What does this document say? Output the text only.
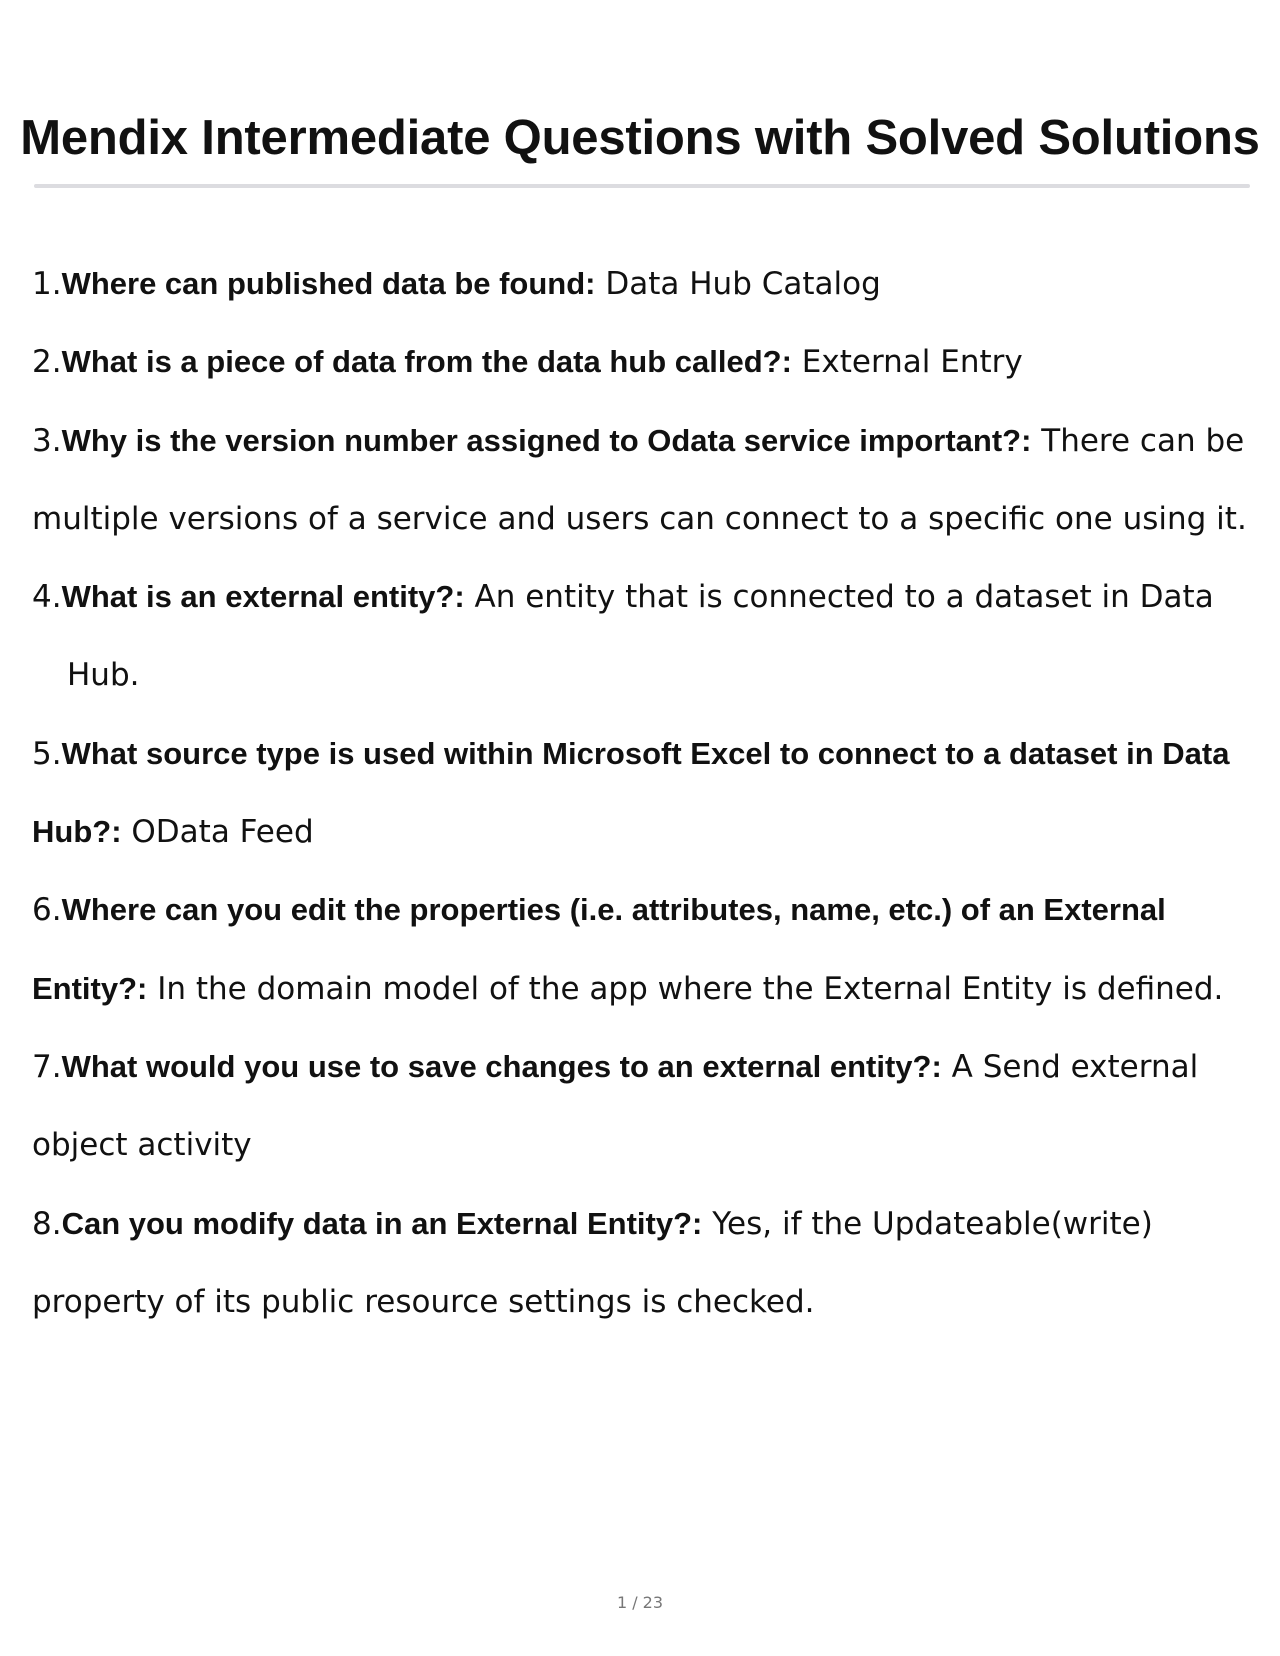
Mendix Intermediate Questions with Solved Solutions
1.Where can published data be found: Data Hub Catalog
2.What is a piece of data from the data hub called?: External Entry
3.Why is the version number assigned to Odata service important?: There can be multiple versions of a service and users can connect to a specific one using it.
4.What is an external entity?: An entity that is connected to a dataset in Data Hub.
5.What source type is used within Microsoft Excel to connect to a dataset in Data Hub?: OData Feed
6.Where can you edit the properties (i.e. attributes, name, etc.) of an External Entity?: In the domain model of the app where the External Entity is defined.
7.What would you use to save changes to an external entity?: A Send external object activity
8.Can you modify data in an External Entity?: Yes, if the Updateable(write) property of its public resource settings is checked.
1 / 23
